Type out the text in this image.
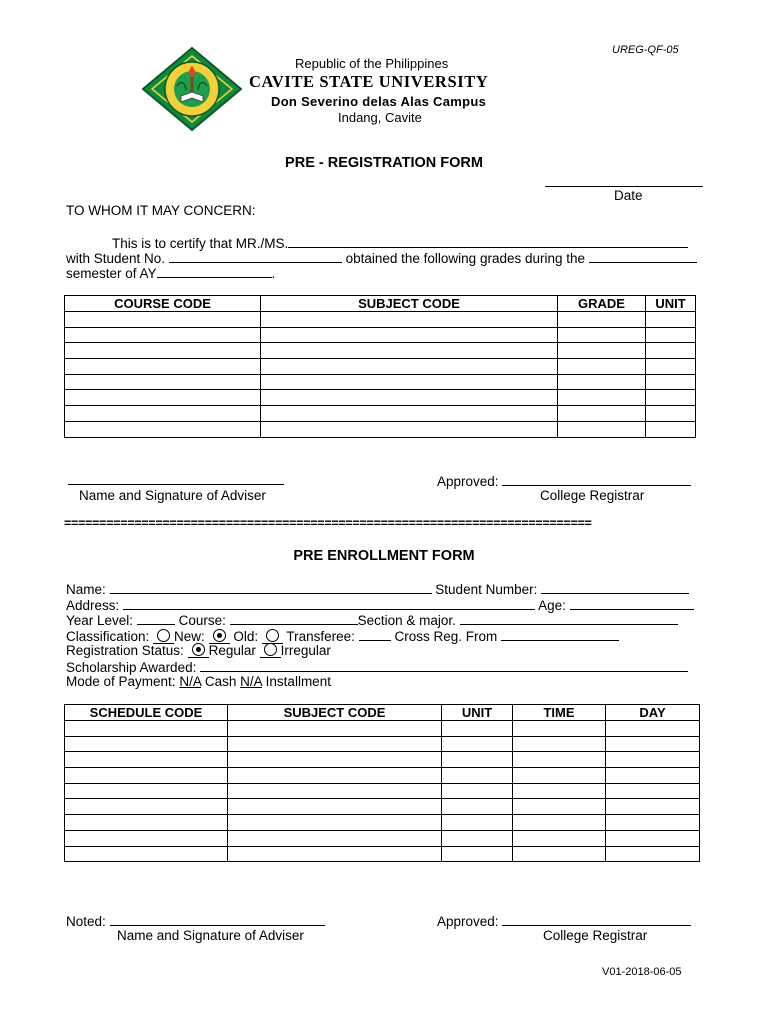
UREG-QF-05
Republic of the Philippines
CAVITE STATE UNIVERSITY
Don Severino delas Alas Campus
Indang, Cavite
PRE - REGISTRATION FORM
Date
TO WHOM IT MAY CONCERN:
This is to certify that MR./MS.
with Student No.	obtained the following grades during the
semester of AY	.
COURSE CODE	SUBJECT CODE	GRADE	UNIT

Name and Signature of Adviser
Approved:
College Registrar
===========================================================================
PRE ENROLLMENT FORM
Name:	Student Number:
Address:	Age:
Year Level:	Course:	Section & major.
Classification: New: Old: Transferee:	Cross Reg. From
Registration Status: Regular Irregular
Scholarship Awarded:
Mode of Payment: N/A Cash N/A Installment
SCHEDULE CODE	SUBJECT CODE	UNIT	TIME	DAY

Noted:
Name and Signature of Adviser
Approved:
College Registrar
V01-2018-06-05
